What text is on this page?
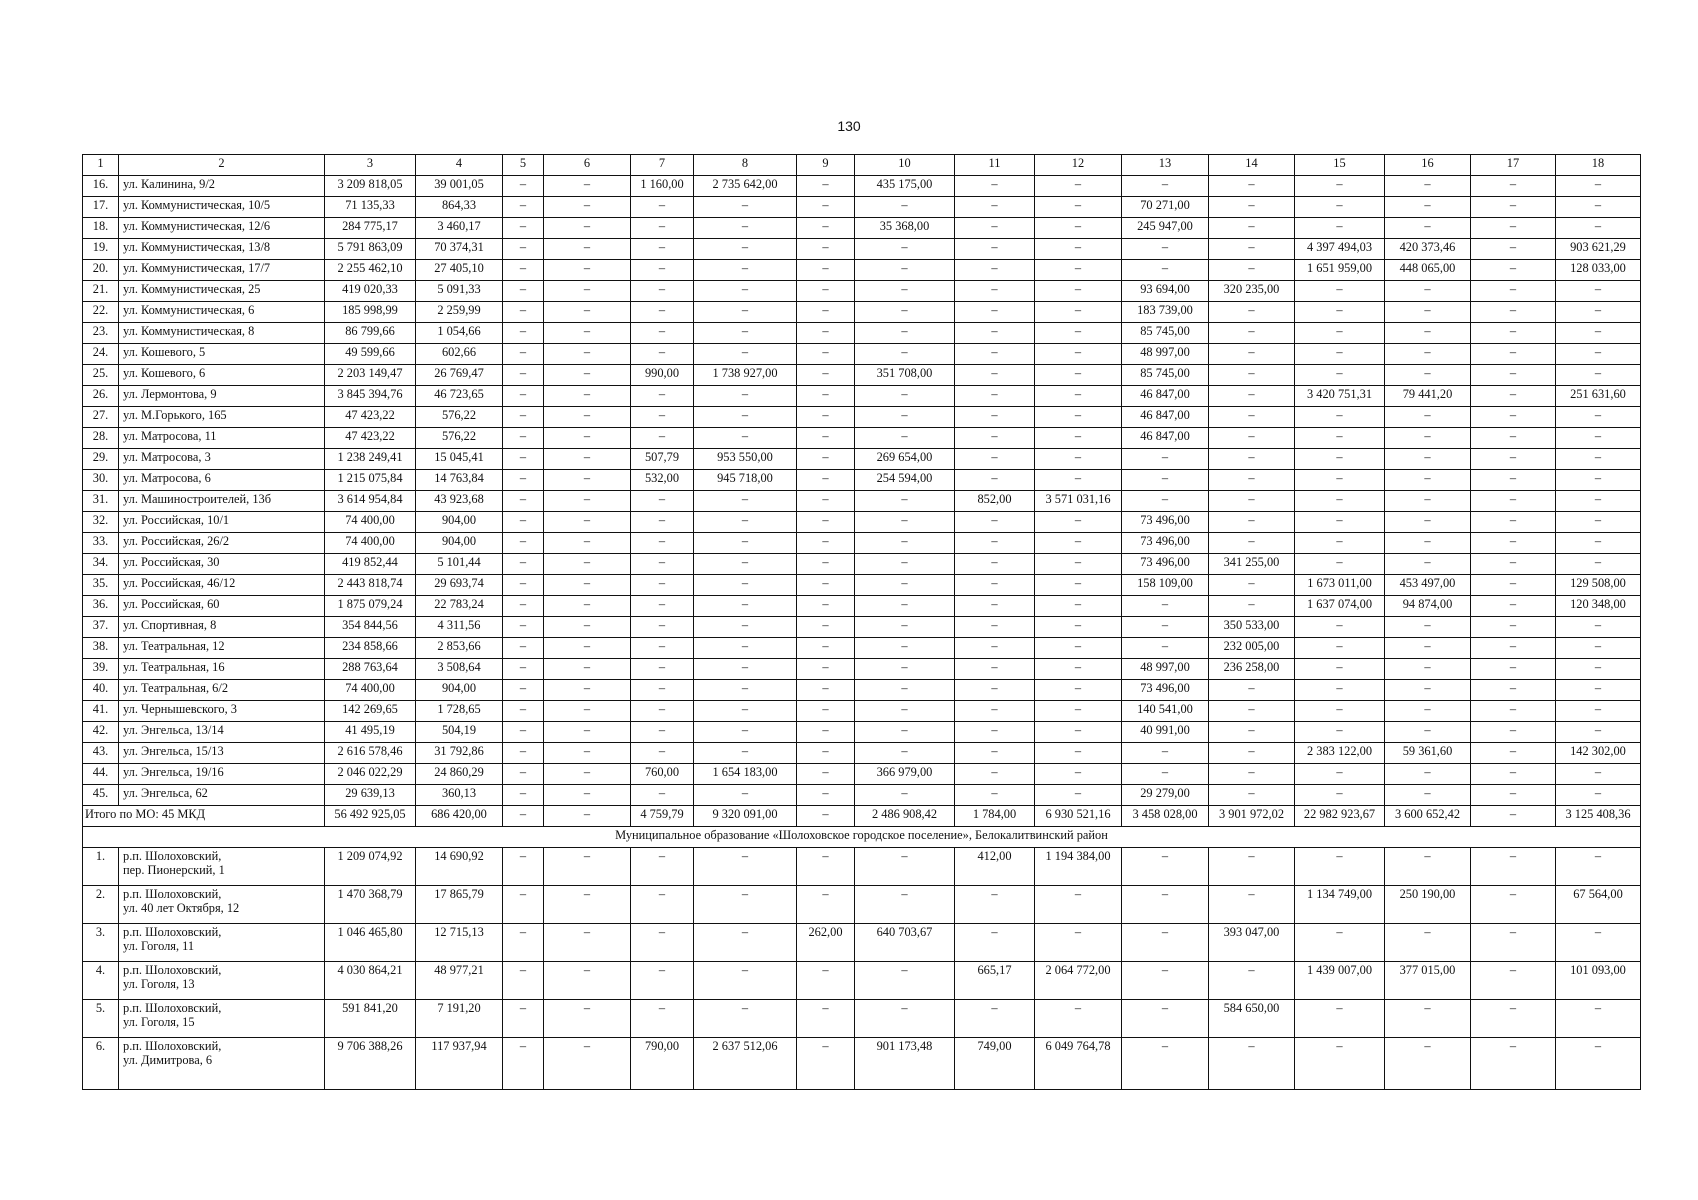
130
1	2	3	4	5	6	7	8	9	10	11	12	13	14	15	16	17	18
16.	ул. Калинина, 9/2	3 209 818,05	39 001,05	–	–	1 160,00	2 735 642,00	–	435 175,00	–	–	–	–	–	–	–	–
17.	ул. Коммунистическая, 10/5	71 135,33	864,33	–	–	–	–	–	–	–	–	70 271,00	–	–	–	–	–
18.	ул. Коммунистическая, 12/6	284 775,17	3 460,17	–	–	–	–	–	35 368,00	–	–	245 947,00	–	–	–	–	–
19.	ул. Коммунистическая, 13/8	5 791 863,09	70 374,31	–	–	–	–	–	–	–	–	–	–	4 397 494,03	420 373,46	–	903 621,29
20.	ул. Коммунистическая, 17/7	2 255 462,10	27 405,10	–	–	–	–	–	–	–	–	–	–	1 651 959,00	448 065,00	–	128 033,00
21.	ул. Коммунистическая, 25	419 020,33	5 091,33	–	–	–	–	–	–	–	–	93 694,00	320 235,00	–	–	–	–
22.	ул. Коммунистическая, 6	185 998,99	2 259,99	–	–	–	–	–	–	–	–	183 739,00	–	–	–	–	–
23.	ул. Коммунистическая, 8	86 799,66	1 054,66	–	–	–	–	–	–	–	–	85 745,00	–	–	–	–	–
24.	ул. Кошевого, 5	49 599,66	602,66	–	–	–	–	–	–	–	–	48 997,00	–	–	–	–	–
25.	ул. Кошевого, 6	2 203 149,47	26 769,47	–	–	990,00	1 738 927,00	–	351 708,00	–	–	85 745,00	–	–	–	–	–
26.	ул. Лермонтова, 9	3 845 394,76	46 723,65	–	–	–	–	–	–	–	–	46 847,00	–	3 420 751,31	79 441,20	–	251 631,60
27.	ул. М.Горького, 165	47 423,22	576,22	–	–	–	–	–	–	–	–	46 847,00	–	–	–	–	–
28.	ул. Матросова, 11	47 423,22	576,22	–	–	–	–	–	–	–	–	46 847,00	–	–	–	–	–
29.	ул. Матросова, 3	1 238 249,41	15 045,41	–	–	507,79	953 550,00	–	269 654,00	–	–	–	–	–	–	–	–
30.	ул. Матросова, 6	1 215 075,84	14 763,84	–	–	532,00	945 718,00	–	254 594,00	–	–	–	–	–	–	–	–
31.	ул. Машиностроителей, 13б	3 614 954,84	43 923,68	–	–	–	–	–	–	852,00	3 571 031,16	–	–	–	–	–	–
32.	ул. Российская, 10/1	74 400,00	904,00	–	–	–	–	–	–	–	–	73 496,00	–	–	–	–	–
33.	ул. Российская, 26/2	74 400,00	904,00	–	–	–	–	–	–	–	–	73 496,00	–	–	–	–	–
34.	ул. Российская, 30	419 852,44	5 101,44	–	–	–	–	–	–	–	–	73 496,00	341 255,00	–	–	–	–
35.	ул. Российская, 46/12	2 443 818,74	29 693,74	–	–	–	–	–	–	–	–	158 109,00	–	1 673 011,00	453 497,00	–	129 508,00
36.	ул. Российская, 60	1 875 079,24	22 783,24	–	–	–	–	–	–	–	–	–	–	1 637 074,00	94 874,00	–	120 348,00
37.	ул. Спортивная, 8	354 844,56	4 311,56	–	–	–	–	–	–	–	–	–	350 533,00	–	–	–	–
38.	ул. Театральная, 12	234 858,66	2 853,66	–	–	–	–	–	–	–	–	–	232 005,00	–	–	–	–
39.	ул. Театральная, 16	288 763,64	3 508,64	–	–	–	–	–	–	–	–	48 997,00	236 258,00	–	–	–	–
40.	ул. Театральная, 6/2	74 400,00	904,00	–	–	–	–	–	–	–	–	73 496,00	–	–	–	–	–
41.	ул. Чернышевского, 3	142 269,65	1 728,65	–	–	–	–	–	–	–	–	140 541,00	–	–	–	–	–
42.	ул. Энгельса, 13/14	41 495,19	504,19	–	–	–	–	–	–	–	–	40 991,00	–	–	–	–	–
43.	ул. Энгельса, 15/13	2 616 578,46	31 792,86	–	–	–	–	–	–	–	–	–	–	2 383 122,00	59 361,60	–	142 302,00
44.	ул. Энгельса, 19/16	2 046 022,29	24 860,29	–	–	760,00	1 654 183,00	–	366 979,00	–	–	–	–	–	–	–	–
45.	ул. Энгельса, 62	29 639,13	360,13	–	–	–	–	–	–	–	–	29 279,00	–	–	–	–	–
Итого по МО: 45 МКД		56 492 925,05	686 420,00	–	–	4 759,79	9 320 091,00	–	2 486 908,42	1 784,00	6 930 521,16	3 458 028,00	3 901 972,02	22 982 923,67	3 600 652,42	–	3 125 408,36
Муниципальное образование «Шолоховское городское поселение», Белокалитвинский район																	
1.	р.п. Шолоховский,
пер. Пионерский, 1	1 209 074,92	14 690,92	–	–	–	–	–	–	412,00	1 194 384,00	–	–	–	–	–	–
2.	р.п. Шолоховский,
ул. 40 лет Октября, 12	1 470 368,79	17 865,79	–	–	–	–	–	–	–	–	–	–	1 134 749,00	250 190,00	–	67 564,00
3.	р.п. Шолоховский,
ул. Гоголя, 11	1 046 465,80	12 715,13	–	–	–	–	262,00	640 703,67	–	–	–	393 047,00	–	–	–	–
4.	р.п. Шолоховский,
ул. Гоголя, 13	4 030 864,21	48 977,21	–	–	–	–	–	–	665,17	2 064 772,00	–	–	1 439 007,00	377 015,00	–	101 093,00
5.	р.п. Шолоховский,
ул. Гоголя, 15	591 841,20	7 191,20	–	–	–	–	–	–	–	–	–	584 650,00	–	–	–	–
6.	р.п. Шолоховский,
ул. Димитрова, 6	9 706 388,26	117 937,94	–	–	790,00	2 637 512,06	–	901 173,48	749,00	6 049 764,78	–	–	–	–	–	–
